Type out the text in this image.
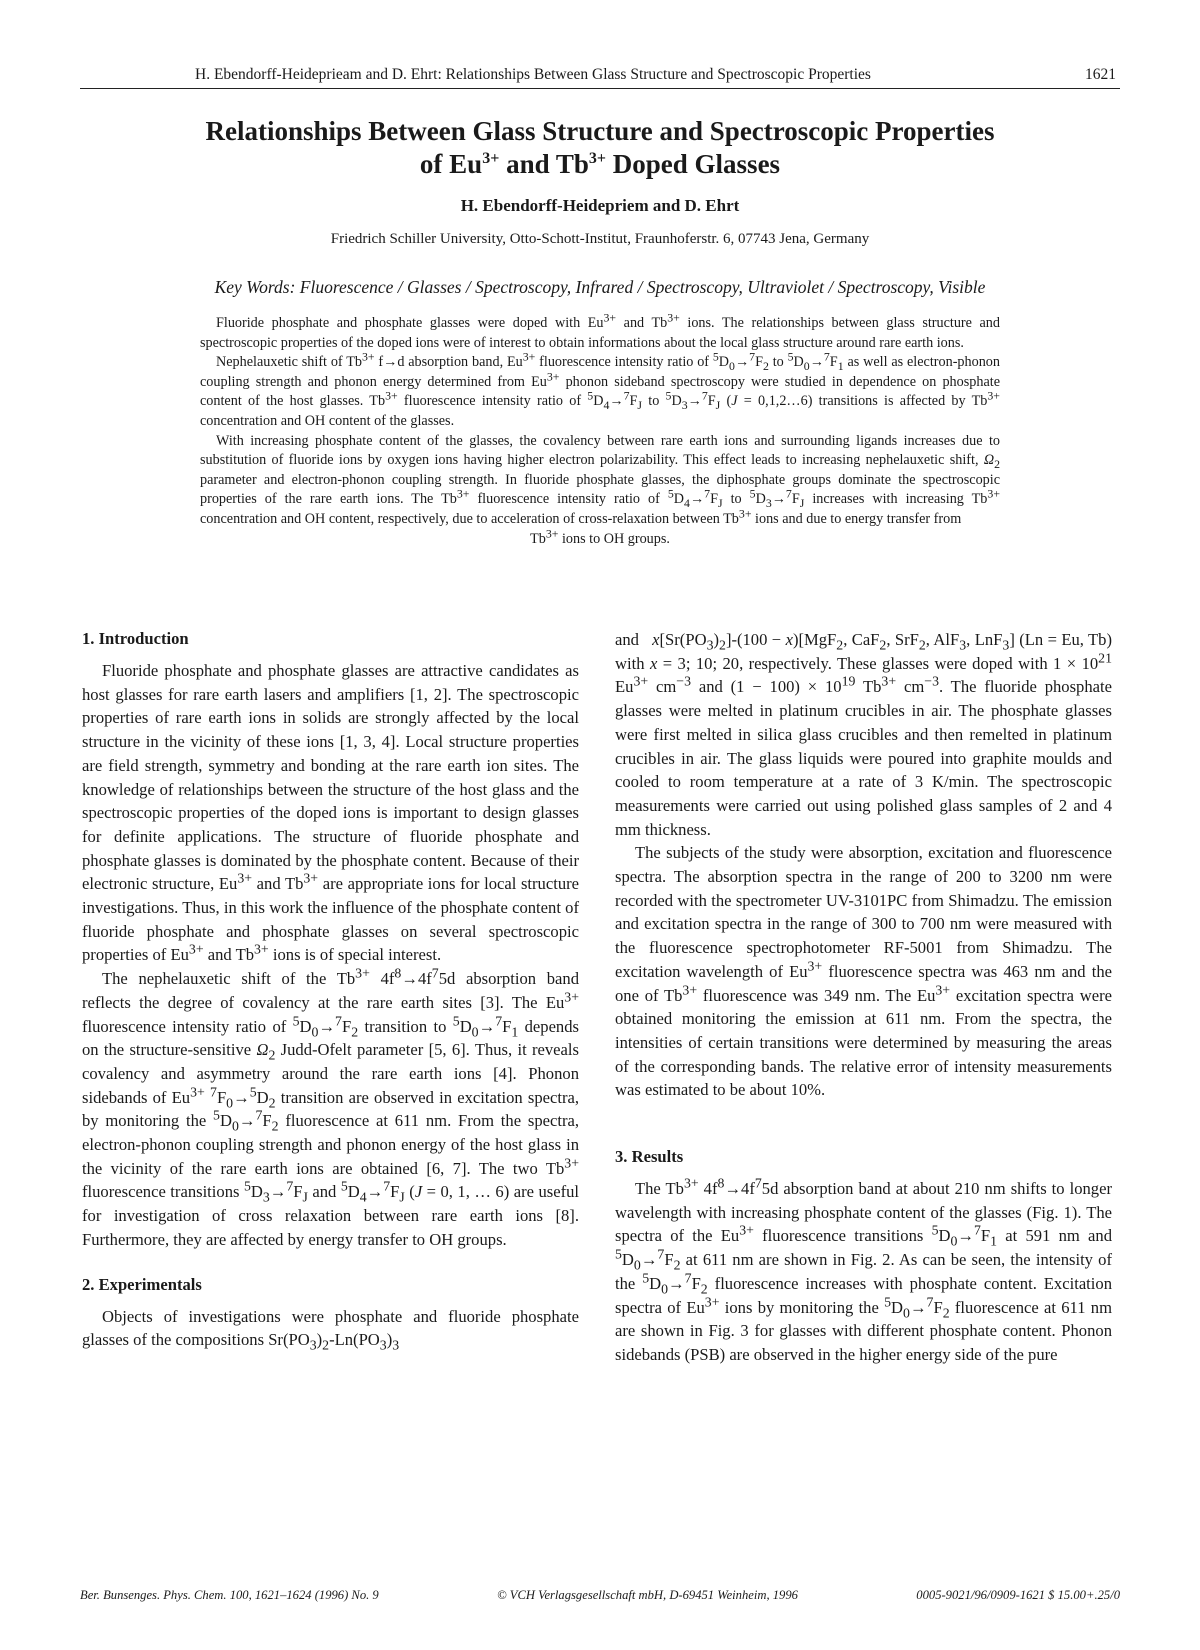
H. Ebendorff-Heideprieam and D. Ehrt: Relationships Between Glass Structure and Spectroscopic Properties	1621
Relationships Between Glass Structure and Spectroscopic Properties
of $Eu^{3+}$ and $Tb^{3+}$ Doped Glasses
H. Ebendorff-Heidepriem and D. Ehrt
Friedrich Schiller University, Otto-Schott-Institut, Fraunhoferstr. 6, 07743 Jena, Germany
Key Words: Fluorescence / Glasses / Spectroscopy, Infrared / Spectroscopy, Ultraviolet / Spectroscopy, Visible

Fluoride phosphate and phosphate glasses were doped with $Eu^{3+}$ and $Tb^{3+}$ ions. The relationships between glass structure and spectroscopic properties of the doped ions were of interest to obtain informations about the local glass structure around rare earth ions.

Nephelauxetic shift of $Tb^{3+}$ f→d absorption band, $Eu^{3+}$ fluorescence intensity ratio of $^5D_0\to^7F_2$ to $^5D_0\to^7F_1$ as well as electron-phonon coupling strength and phonon energy determined from $Eu^{3+}$ phonon sideband spectroscopy were studied in dependence on phosphate content of the host glasses. $Tb^{3+}$ fluorescence intensity ratio of $^5D_4\to^7F_J$ to $^5D_3\to^7F_J$ (J = 0,1,2…6) transitions is affected by $Tb^{3+}$ concentration and OH content of the glasses.

With increasing phosphate content of the glasses, the covalency between rare earth ions and surrounding ligands increases due to substitution of fluoride ions by oxygen ions having higher electron polarizability. This effect leads to increasing nephelauxetic shift, $\Omega_2$ parameter and electron-phonon coupling strength. In fluoride phosphate glasses, the diphosphate groups dominate the spectroscopic properties of the rare earth ions. The $Tb^{3+}$ fluorescence intensity ratio of $^5D_4\to^7F_J$ to $^5D_3\to^7F_J$ increases with increasing $Tb^{3+}$ concentration and OH content, respectively, due to acceleration of cross-relaxation between $Tb^{3+}$ ions and due to energy transfer from

$Tb^{3+}$ ions to OH groups.

1. Introduction

Fluoride phosphate and phosphate glasses are attractive candidates as host glasses for rare earth lasers and amplifiers [1, 2]. The spectroscopic properties of rare earth ions in solids are strongly affected by the local structure in the vicinity of these ions [1, 3, 4]. Local structure properties are field strength, symmetry and bonding at the rare earth ion sites. The knowledge of relationships between the structure of the host glass and the spectroscopic properties of the doped ions is important to design glasses for definite applications. The structure of fluoride phosphate and phosphate glasses is dominated by the phosphate content. Because of their electronic structure, $Eu^{3+}$ and $Tb^{3+}$ are appropriate ions for local structure investigations. Thus, in this work the influence of the phosphate content of fluoride phosphate and phosphate glasses on several spectroscopic properties of $Eu^{3+}$ and $Tb^{3+}$ ions is of special interest.

The nephelauxetic shift of the $Tb^{3+}$ $4f^8\to 4f^75d$ absorption band reflects the degree of covalency at the rare earth sites [3]. The $Eu^{3+}$ fluorescence intensity ratio of $^5D_0\to^7F_2$ transition to $^5D_0\to^7F_1$ depends on the structure-sensitive $\Omega_2$ Judd-Ofelt parameter [5, 6]. Thus, it reveals covalency and asymmetry around the rare earth ions [4]. Phonon sidebands of $Eu^{3+}$ $^7F_0\to^5D_2$ transition are observed in excitation spectra, by monitoring the $^5D_0\to^7F_2$ fluorescence at 611 nm. From the spectra, electron-phonon coupling strength and phonon energy of the host glass in the vicinity of the rare earth ions are obtained [6, 7]. The two $Tb^{3+}$ fluorescence transitions $^5D_3\to^7F_J$ and $^5D_4\to^7F_J$ (J = 0, 1, … 6) are useful for investigation of cross relaxation between rare earth ions [8]. Furthermore, they are affected by energy transfer to OH groups.

2. Experimentals

Objects of investigations were phosphate and fluoride phosphate glasses of the compositions $Sr(PO_3)_2-Ln(PO_3)_3$

and   $x[Sr(PO_3)_2]-(100 - x)[MgF_2$, CaF$_2$, SrF$_2$, AlF$_3$, LnF$_3$] (Ln = Eu, Tb) with x = 3; 10; 20, respectively. These glasses were doped with $1 \times 10^{21}$ $Eu^{3+}$ $cm^{-3}$ and $(1 - 100) \times 10^{19}$ $Tb^{3+}$ $cm^{-3}$. The fluoride phosphate glasses were melted in platinum crucibles in air. The phosphate glasses were first melted in silica glass crucibles and then remelted in platinum crucibles in air. The glass liquids were poured into graphite moulds and cooled to room temperature at a rate of 3 K/min. The spectroscopic measurements were carried out using polished glass samples of 2 and 4 mm thickness.

The subjects of the study were absorption, excitation and fluorescence spectra. The absorption spectra in the range of 200 to 3200 nm were recorded with the spectrometer UV-3101PC from Shimadzu. The emission and excitation spectra in the range of 300 to 700 nm were measured with the fluorescence spectrophotometer RF-5001 from Shimadzu. The excitation wavelength of $Eu^{3+}$ fluorescence spectra was 463 nm and the one of $Tb^{3+}$ fluorescence was 349 nm. The $Eu^{3+}$ excitation spectra were obtained monitoring the emission at 611 nm. From the spectra, the intensities of certain transitions were determined by measuring the areas of the corresponding bands. The relative error of intensity measurements was estimated to be about 10%.

3. Results

The $Tb^{3+}$ $4f^8\to 4f^75d$ absorption band at about 210 nm shifts to longer wavelength with increasing phosphate content of the glasses (Fig. 1). The spectra of the $Eu^{3+}$ fluorescence transitions $^5D_0\to^7F_1$ at 591 nm and $^5D_0\to^7F_2$ at 611 nm are shown in Fig. 2. As can be seen, the intensity of the $^5D_0\to^7F_2$ fluorescence increases with phosphate content. Excitation spectra of $Eu^{3+}$ ions by monitoring the $^5D_0\to^7F_2$ fluorescence at 611 nm are shown in Fig. 3 for glasses with different phosphate content. Phonon sidebands (PSB) are observed in the higher energy side of the pure

Ber. Bunsenges. Phys. Chem. 100, 1621–1624 (1996) No. 9	© VCH Verlagsgesellschaft mbH, D-69451 Weinheim, 1996	0005-9021/96/0909-1621 $ 15.00+.25/0
